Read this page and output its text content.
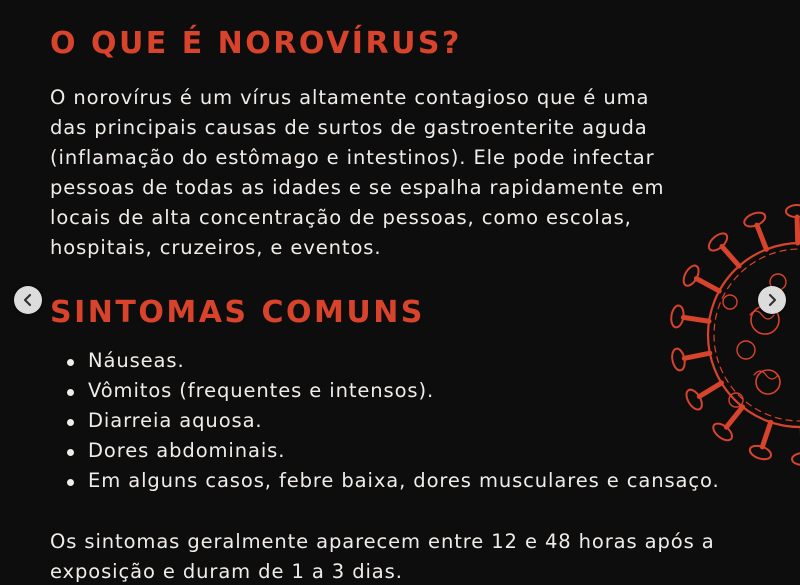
O QUE É NOROVÍRUS?
O norovírus é um vírus altamente contagioso que é uma
das principais causas de surtos de gastroenterite aguda
(inflamação do estômago e intestinos). Ele pode infectar
pessoas de todas as idades e se espalha rapidamente em
locais de alta concentração de pessoas, como escolas,
hospitais, cruzeiros, e eventos.
SINTOMAS COMUNS
Náuseas.
Vômitos (frequentes e intensos).
Diarreia aquosa.
Dores abdominais.
Em alguns casos, febre baixa, dores musculares e cansaço.
Os sintomas geralmente aparecem entre 12 e 48 horas após a
exposição e duram de 1 a 3 dias.
